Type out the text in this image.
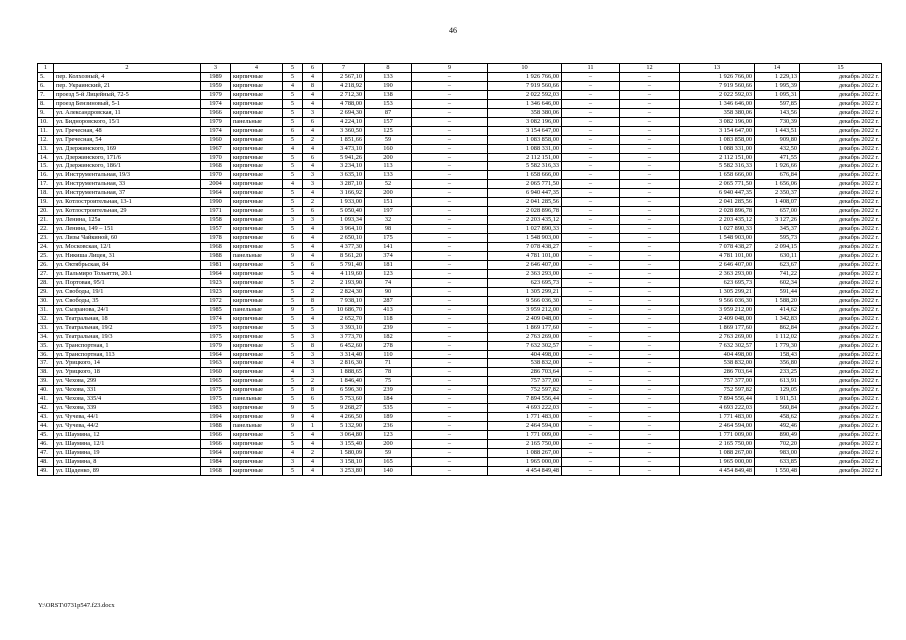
46
1	2	3	4	5	6	7	8	9	10	11	12	13	14	15
5.	пер. Колхозный, 4	1989	кирпичные	5	4	2 567,10	133	–	1 926 766,00	–	–	1 926 766,00	1 229,13	декабрь 2022 г.
6.	пер. Украинский, 21	1959	кирпичные	4	8	4 218,92	190	–	7 919 560,66	–	–	7 919 560,66	1 995,39	декабрь 2022 г.
7.	проезд 5-й Лицейный, 72-5	1979	кирпичные	5	4	2 712,30	138	–	2 022 592,03	–	–	2 022 592,03	1 095,31	декабрь 2022 г.
8.	проезд Бензиновый, 5-1	1974	кирпичные	5	4	4 788,00	153	–	1 346 646,00	–	–	1 346 646,00	597,85	декабрь 2022 г.
9.	ул. Александровская, 11	1966	кирпичные	5	3	2 694,30	87	–	358 380,06	–	–	358 380,06	143,56	декабрь 2022 г.
10.	ул. Бидноровского, 15/1	1979	панельные	5	6	4 224,10	157	–	3 082 196,00	–	–	3 082 196,00	730,39	декабрь 2022 г.
11.	ул. Гречесная, 48	1974	кирпичные	6	4	3 360,50	125	–	3 154 647,00	–	–	3 154 647,00	1 443,51	декабрь 2022 г.
12.	ул. Гречесная, 54	1960	кирпичные	5	2	1 851,66	59	–	1 083 858,00	–	–	1 083 858,00	909,80	декабрь 2022 г.
13.	ул. Дзержинского, 169	1967	кирпичные	4	4	3 473,10	160	–	1 088 331,00	–	–	1 088 331,00	432,50	декабрь 2022 г.
14.	ул. Дзержинского, 171/6	1970	кирпичные	5	6	5 941,26	200	–	2 112 151,00	–	–	2 112 151,00	471,55	декабрь 2022 г.
15.	ул. Дзержинского, 186/1	1968	кирпичные	5	4	3 234,10	113	–	5 582 316,33	–	–	5 582 316,33	1 926,66	декабрь 2022 г.
16.	ул. Инструментальная, 19/3	1970	кирпичные	5	3	3 635,10	133	–	1 658 666,00	–	–	1 658 666,00	676,84	декабрь 2022 г.
17.	ул. Инструментальная, 33	2004	кирпичные	4	3	3 287,10	52	–	2 065 771,50	–	–	2 065 771,50	1 656,06	декабрь 2022 г.
18.	ул. Инструментальная, 37	1964	кирпичные	5	4	3 166,92	200	–	6 940 447,35	–	–	6 940 447,35	2 350,37	декабрь 2022 г.
19.	ул. Котлостроительная, 13-1	1990	кирпичные	5	2	1 933,00	151	–	2 041 285,56	–	–	2 041 285,56	1 408,07	декабрь 2022 г.
20.	ул. Котлостроительная, 29	1971	кирпичные	5	6	5 050,40	197	–	2 028 896,78	–	–	2 028 896,78	657,00	декабрь 2022 г.
21.	ул. Ленина, 125а	1958	кирпичные	3	3	1 093,34	32	–	2 203 435,12	–	–	2 203 435,12	3 127,26	декабрь 2022 г.
22.	ул. Ленина, 149 – 151	1957	кирпичные	5	4	3 964,10	98	–	1 027 890,33	–	–	1 027 890,33	345,37	декабрь 2022 г.
23.	ул. Лизы Чайкиной, 60	1978	кирпичные	6	4	2 650,10	175	–	1 548 903,00	–	–	1 548 903,00	595,73	декабрь 2022 г.
24.	ул. Московская, 12/1	1968	кирпичные	5	4	4 377,30	141	–	7 078 438,27	–	–	7 078 438,27	2 094,15	декабрь 2022 г.
25.	ул. Никиша Лицея, 31	1988	панельные	9	4	8 561,20	374	–	4 781 101,00	–	–	4 781 101,00	630,11	декабрь 2022 г.
26.	ул. Октябрьская, 84	1981	кирпичные	5	6	5 791,40	181	–	2 646 407,00	–	–	2 646 407,00	623,67	декабрь 2022 г.
27.	ул. Пальмиро Тольятти, 20.1	1964	кирпичные	5	4	4 119,60	123	–	2 363 293,00	–	–	2 363 293,00	741,22	декабрь 2022 г.
28.	ул. Портовая, 95/1	1923	кирпичные	5	2	2 193,90	74	–	623 695,73	–	–	623 695,73	602,34	декабрь 2022 г.
29.	ул. Свободы, 19/1	1923	кирпичные	5	2	2 824,30	90	–	1 305 299,21	–	–	1 305 299,21	591,44	декабрь 2022 г.
30.	ул. Свободы, 35	1972	кирпичные	5	8	7 938,10	287	–	9 566 036,30	–	–	9 566 036,30	1 588,20	декабрь 2022 г.
31.	ул. Сызранова, 24/1	1985	панельные	9	5	10 686,70	413	–	3 959 212,00	–	–	3 959 212,00	414,62	декабрь 2022 г.
32.	ул. Театральная, 18	1974	кирпичные	5	4	2 652,70	118	–	2 409 048,00	–	–	2 409 048,00	1 342,83	декабрь 2022 г.
33.	ул. Театральная, 19/2	1975	кирпичные	5	3	3 393,10	239	–	1 869 177,60	–	–	1 869 177,60	862,84	декабрь 2022 г.
34.	ул. Театральная, 19/3	1975	кирпичные	5	3	3 773,70	182	–	2 763 269,00	–	–	2 763 269,00	1 112,02	декабрь 2022 г.
35.	ул. Транспортная, 1	1979	кирпичные	5	8	6 452,60	278	–	7 632 302,57	–	–	7 632 302,57	1 779,30	декабрь 2022 г.
36.	ул. Транспортная, 113	1964	кирпичные	5	3	3 314,40	110	–	404 498,00	–	–	404 498,00	158,43	декабрь 2022 г.
37.	ул. Урицкого, 14	1963	кирпичные	4	3	2 816,30	71	–	538 832,00	–	–	538 832,00	356,80	декабрь 2022 г.
38.	ул. Урицкого, 18	1960	кирпичные	4	3	1 888,65	78	–	286 703,64	–	–	286 703,64	233,25	декабрь 2022 г.
39.	ул. Чехова, 299	1965	кирпичные	5	2	1 846,40	75	–	757 377,00	–	–	757 377,00	613,91	декабрь 2022 г.
40.	ул. Чехова, 331	1975	кирпичные	5	8	6 596,30	239	–	752 597,82	–	–	752 597,82	129,05	декабрь 2022 г.
41.	ул. Чехова, 335/4	1975	панельные	5	6	5 753,60	184	–	7 894 556,44	–	–	7 894 556,44	1 911,51	декабрь 2022 г.
42.	ул. Чехова, 339	1983	кирпичные	9	5	9 268,27	535	–	4 693 222,03	–	–	4 693 222,03	560,84	декабрь 2022 г.
43.	ул. Чучева, 44/1	1994	кирпичные	9	4	4 266,50	189	–	1 771 483,00	–	–	1 771 483,00	458,62	декабрь 2022 г.
44.	ул. Чучева, 44/2	1988	панельные	9	1	5 132,90	236	–	2 464 594,00	–	–	2 464 594,00	492,46	декабрь 2022 г.
45.	ул. Шаумяна, 12	1966	кирпичные	5	4	3 064,80	123	–	1 771 009,00	–	–	1 771 009,00	890,49	декабрь 2022 г.
46.	ул. Шаумяна, 12/1	1966	кирпичные	5	4	3 155,40	200	–	2 165 750,00	–	–	2 165 750,00	702,20	декабрь 2022 г.
47.	ул. Шаумяна, 19	1964	кирпичные	4	2	1 580,09	59	–	1 088 267,00	–	–	1 088 267,00	983,00	декабрь 2022 г.
48.	ул. Шаумяна, 8	1984	кирпичные	3	4	3 158,10	165	–	1 965 000,00	–	–	1 965 000,00	633,85	декабрь 2022 г.
49.	ул. Щаденко, 89	1968	кирпичные	5	4	3 253,80	140	–	4 454 849,48	–	–	4 454 849,48	1 550,48	декабрь 2022 г.
Y:\ORST\0731p547.f23.docx
